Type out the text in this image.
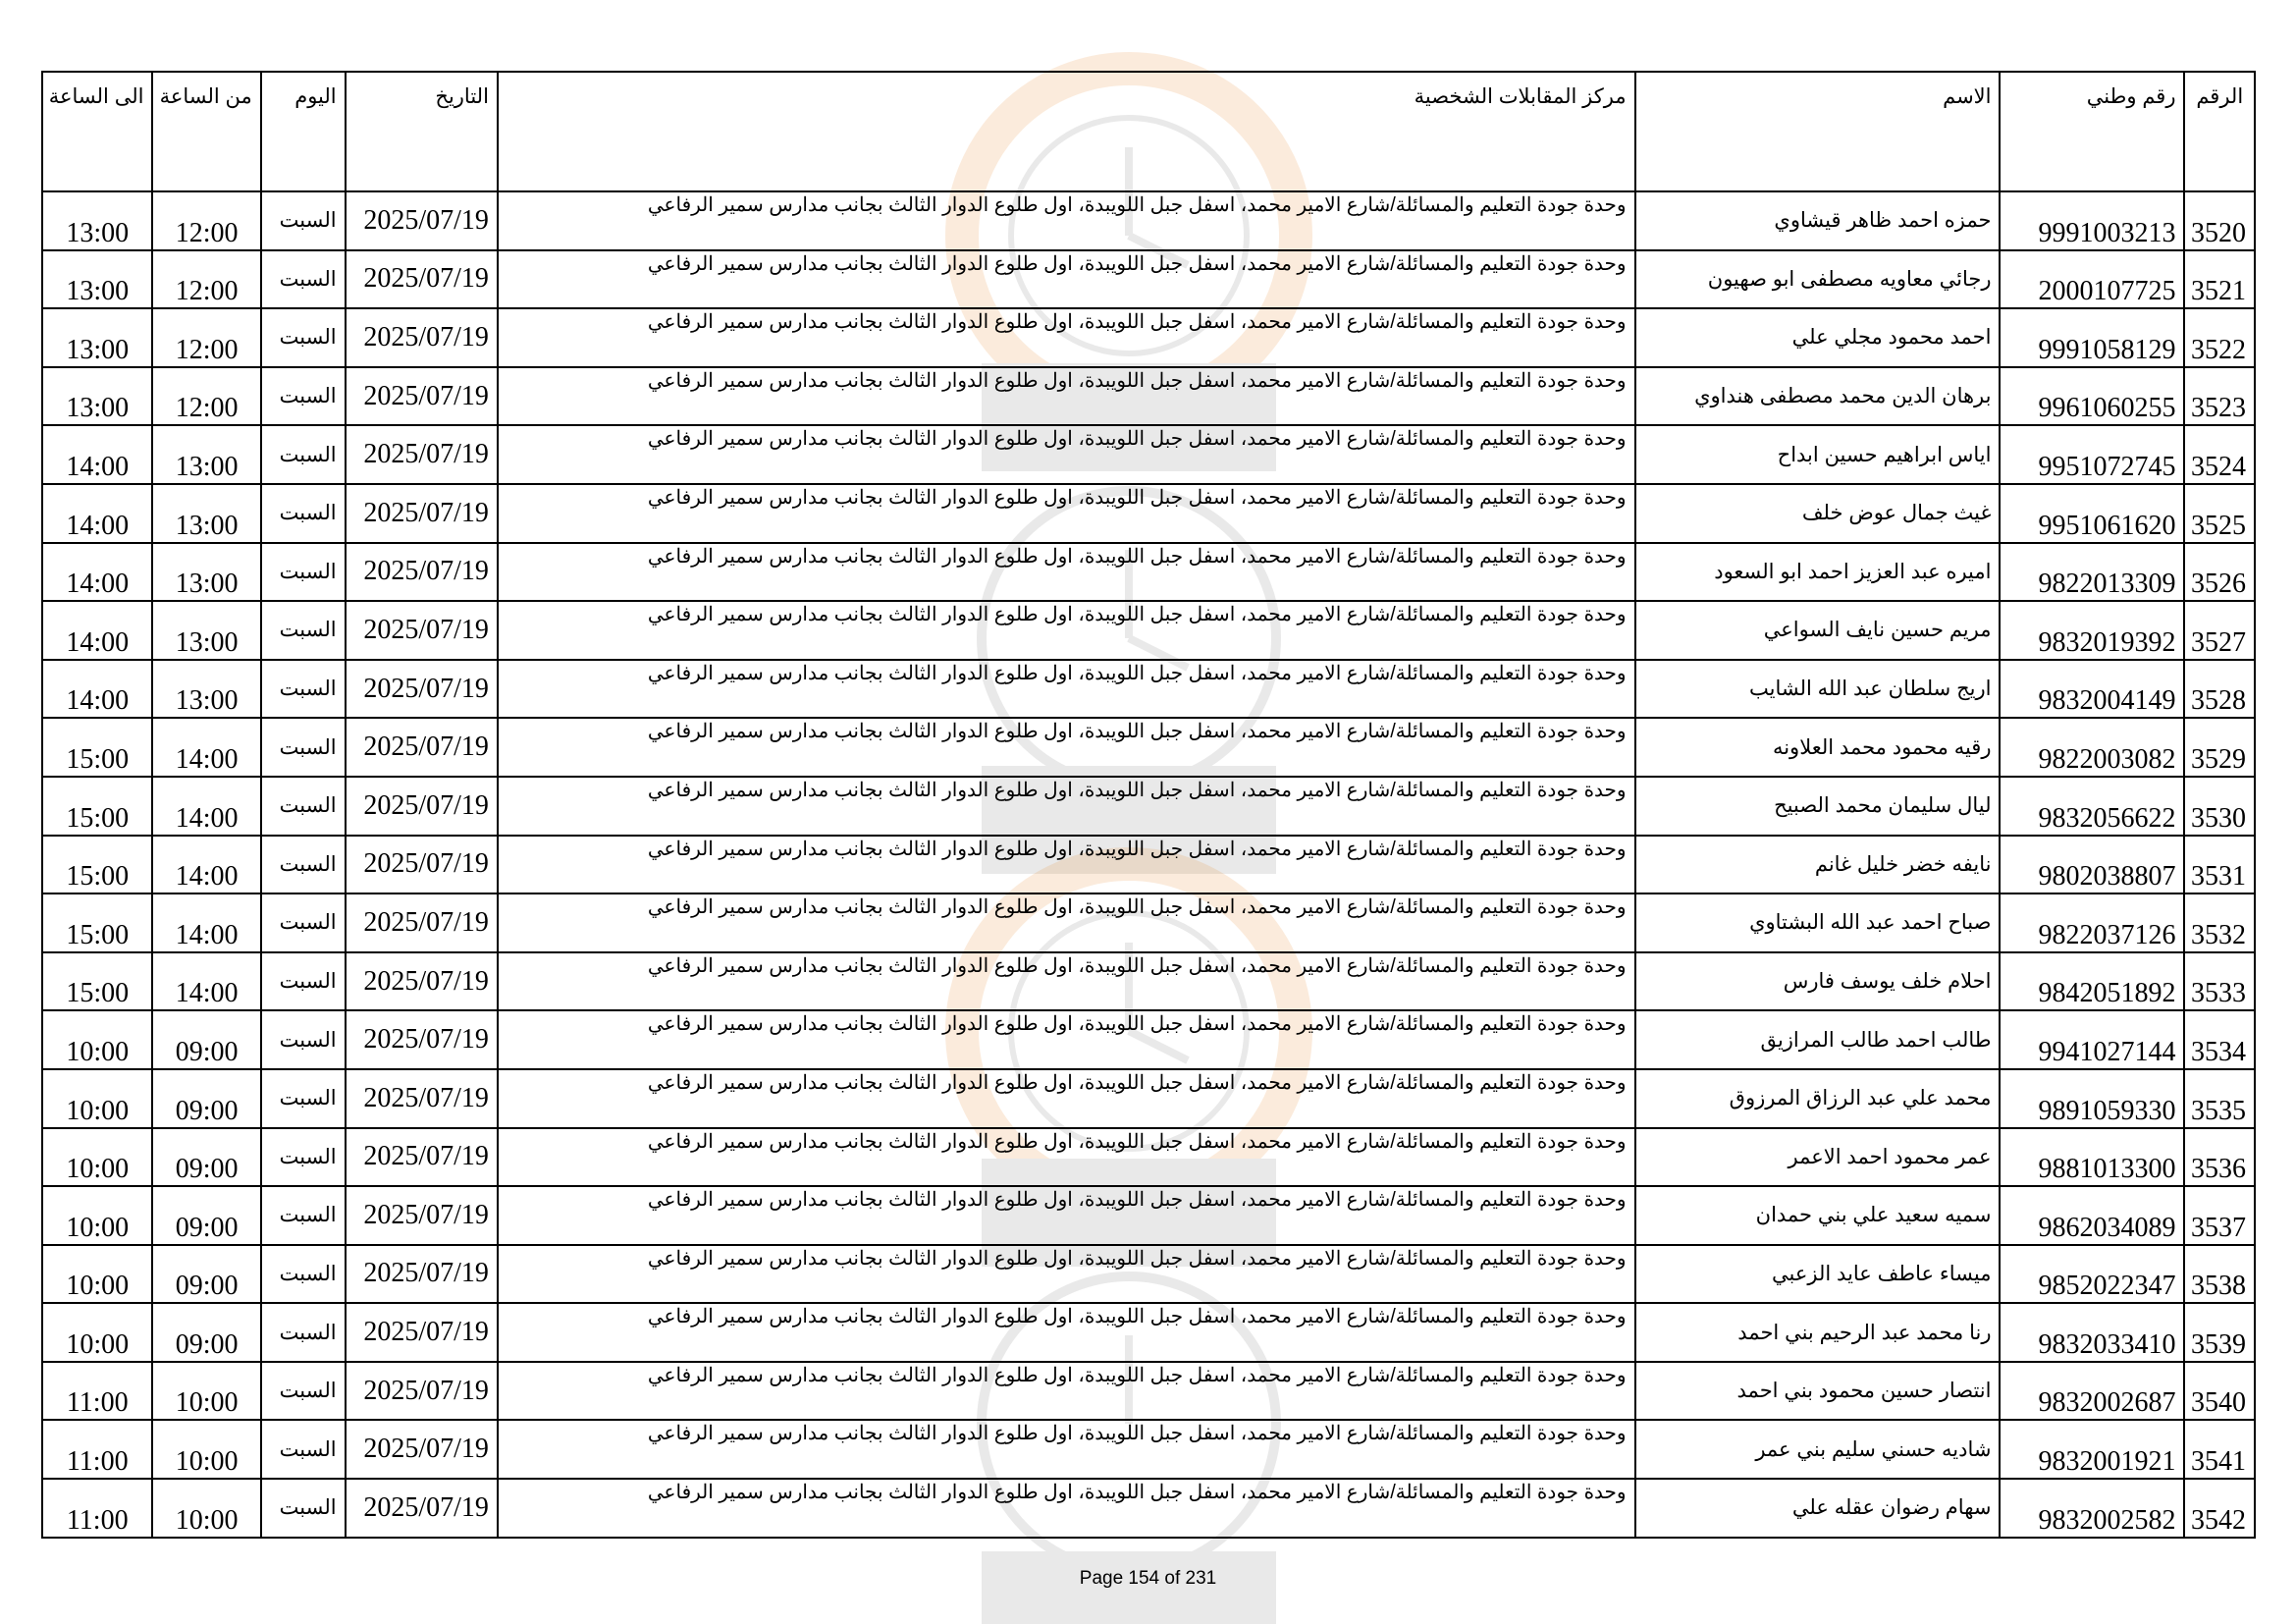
الرقم	رقم وطني	الاسم	مركز المقابلات الشخصية	التاريخ	اليوم	من الساعة	الى الساعة
3520	9991003213	حمزه احمد ظاهر قيشاوي	وحدة جودة التعليم والمسائلة/شارع الامير محمد، اسفل جبل اللويبدة، اول طلوع الدوار الثالث بجانب مدارس سمير الرفاعي	2025/07/19	السبت	12:00	13:00
3521	2000107725	رجائي معاويه مصطفى ابو صهيون	وحدة جودة التعليم والمسائلة/شارع الامير محمد، اسفل جبل اللويبدة، اول طلوع الدوار الثالث بجانب مدارس سمير الرفاعي	2025/07/19	السبت	12:00	13:00
3522	9991058129	احمد محمود مجلي علي	وحدة جودة التعليم والمسائلة/شارع الامير محمد، اسفل جبل اللويبدة، اول طلوع الدوار الثالث بجانب مدارس سمير الرفاعي	2025/07/19	السبت	12:00	13:00
3523	9961060255	برهان الدين محمد مصطفى هنداوي	وحدة جودة التعليم والمسائلة/شارع الامير محمد، اسفل جبل اللويبدة، اول طلوع الدوار الثالث بجانب مدارس سمير الرفاعي	2025/07/19	السبت	12:00	13:00
3524	9951072745	اياس ابراهيم حسين ابداح	وحدة جودة التعليم والمسائلة/شارع الامير محمد، اسفل جبل اللويبدة، اول طلوع الدوار الثالث بجانب مدارس سمير الرفاعي	2025/07/19	السبت	13:00	14:00
3525	9951061620	غيث جمال عوض خلف	وحدة جودة التعليم والمسائلة/شارع الامير محمد، اسفل جبل اللويبدة، اول طلوع الدوار الثالث بجانب مدارس سمير الرفاعي	2025/07/19	السبت	13:00	14:00
3526	9822013309	اميره عبد العزيز احمد ابو السعود	وحدة جودة التعليم والمسائلة/شارع الامير محمد، اسفل جبل اللويبدة، اول طلوع الدوار الثالث بجانب مدارس سمير الرفاعي	2025/07/19	السبت	13:00	14:00
3527	9832019392	مريم حسين نايف السواعي	وحدة جودة التعليم والمسائلة/شارع الامير محمد، اسفل جبل اللويبدة، اول طلوع الدوار الثالث بجانب مدارس سمير الرفاعي	2025/07/19	السبت	13:00	14:00
3528	9832004149	اريج سلطان عبد الله الشايب	وحدة جودة التعليم والمسائلة/شارع الامير محمد، اسفل جبل اللويبدة، اول طلوع الدوار الثالث بجانب مدارس سمير الرفاعي	2025/07/19	السبت	13:00	14:00
3529	9822003082	رقيه محمود محمد العلاونه	وحدة جودة التعليم والمسائلة/شارع الامير محمد، اسفل جبل اللويبدة، اول طلوع الدوار الثالث بجانب مدارس سمير الرفاعي	2025/07/19	السبت	14:00	15:00
3530	9832056622	ليال سليمان محمد الصبيح	وحدة جودة التعليم والمسائلة/شارع الامير محمد، اسفل جبل اللويبدة، اول طلوع الدوار الثالث بجانب مدارس سمير الرفاعي	2025/07/19	السبت	14:00	15:00
3531	9802038807	نايفه خضر خليل غانم	وحدة جودة التعليم والمسائلة/شارع الامير محمد، اسفل جبل اللويبدة، اول طلوع الدوار الثالث بجانب مدارس سمير الرفاعي	2025/07/19	السبت	14:00	15:00
3532	9822037126	صباح احمد عبد الله البشتاوي	وحدة جودة التعليم والمسائلة/شارع الامير محمد، اسفل جبل اللويبدة، اول طلوع الدوار الثالث بجانب مدارس سمير الرفاعي	2025/07/19	السبت	14:00	15:00
3533	9842051892	احلام خلف يوسف فارس	وحدة جودة التعليم والمسائلة/شارع الامير محمد، اسفل جبل اللويبدة، اول طلوع الدوار الثالث بجانب مدارس سمير الرفاعي	2025/07/19	السبت	14:00	15:00
3534	9941027144	طالب احمد طالب المرازيق	وحدة جودة التعليم والمسائلة/شارع الامير محمد، اسفل جبل اللويبدة، اول طلوع الدوار الثالث بجانب مدارس سمير الرفاعي	2025/07/19	السبت	09:00	10:00
3535	9891059330	محمد علي عبد الرزاق المرزوق	وحدة جودة التعليم والمسائلة/شارع الامير محمد، اسفل جبل اللويبدة، اول طلوع الدوار الثالث بجانب مدارس سمير الرفاعي	2025/07/19	السبت	09:00	10:00
3536	9881013300	عمر محمود احمد الاعمر	وحدة جودة التعليم والمسائلة/شارع الامير محمد، اسفل جبل اللويبدة، اول طلوع الدوار الثالث بجانب مدارس سمير الرفاعي	2025/07/19	السبت	09:00	10:00
3537	9862034089	سميه سعيد علي بني حمدان	وحدة جودة التعليم والمسائلة/شارع الامير محمد، اسفل جبل اللويبدة، اول طلوع الدوار الثالث بجانب مدارس سمير الرفاعي	2025/07/19	السبت	09:00	10:00
3538	9852022347	ميساء عاطف عايد الزعبي	وحدة جودة التعليم والمسائلة/شارع الامير محمد، اسفل جبل اللويبدة، اول طلوع الدوار الثالث بجانب مدارس سمير الرفاعي	2025/07/19	السبت	09:00	10:00
3539	9832033410	رنا محمد عبد الرحيم بني احمد	وحدة جودة التعليم والمسائلة/شارع الامير محمد، اسفل جبل اللويبدة، اول طلوع الدوار الثالث بجانب مدارس سمير الرفاعي	2025/07/19	السبت	09:00	10:00
3540	9832002687	انتصار حسين محمود بني احمد	وحدة جودة التعليم والمسائلة/شارع الامير محمد، اسفل جبل اللويبدة، اول طلوع الدوار الثالث بجانب مدارس سمير الرفاعي	2025/07/19	السبت	10:00	11:00
3541	9832001921	شاديه حسني سليم بني عمر	وحدة جودة التعليم والمسائلة/شارع الامير محمد، اسفل جبل اللويبدة، اول طلوع الدوار الثالث بجانب مدارس سمير الرفاعي	2025/07/19	السبت	10:00	11:00
3542	9832002582	سهام رضوان عقله علي	وحدة جودة التعليم والمسائلة/شارع الامير محمد، اسفل جبل اللويبدة، اول طلوع الدوار الثالث بجانب مدارس سمير الرفاعي	2025/07/19	السبت	10:00	11:00
Page 154 of 231
